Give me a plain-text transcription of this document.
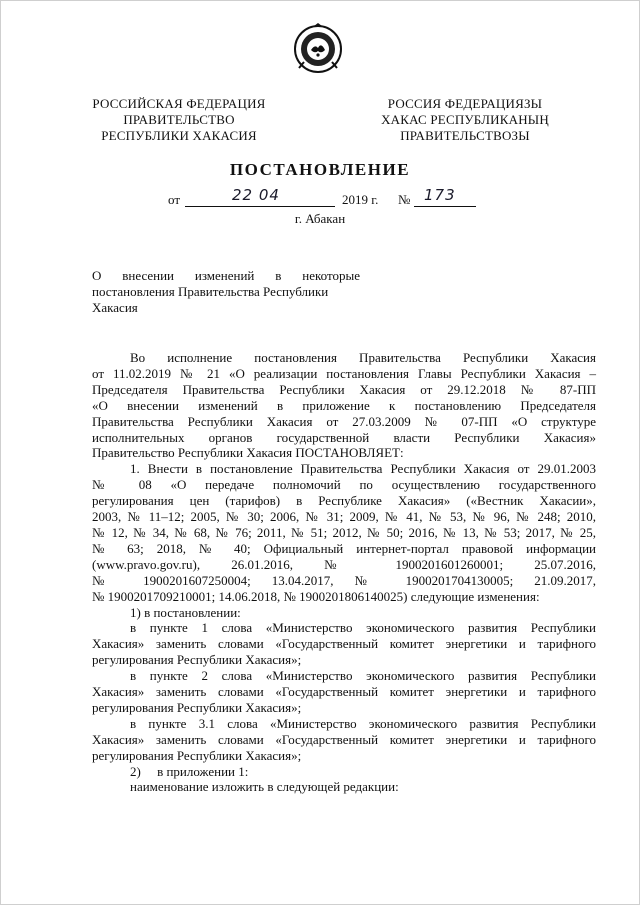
РОССИЙСКАЯ ФЕДЕРАЦИЯ
ПРАВИТЕЛЬСТВО
РЕСПУБЛИКИ ХАКАСИЯ
РОССИЯ ФЕДЕРАЦИЯЗЫ
ХАКАС РЕСПУБЛИКАНЫҢ
ПРАВИТЕЛЬСТВОЗЫ
ПОСТАНОВЛЕНИЕ
от	22 04	2019 г. № 173
г. Абакан
О внесении изменений в некоторые
постановления Правительства Республики
Хакасия
Во исполнение постановления Правительства Республики Хакасия
от 11.02.2019 № 21 «О реализации постановления Главы Республики Хакасия –
Председателя Правительства Республики Хакасия от 29.12.2018 № 87-ПП
«О внесении изменений в приложение к постановлению Председателя
Правительства Республики Хакасия от 27.03.2009 № 07-ПП «О структуре
исполнительных органов государственной власти Республики Хакасия»
Правительство Республики Хакасия ПОСТАНОВЛЯЕТ:
1. Внести в постановление Правительства Республики Хакасия от 29.01.2003
№ 08 «О передаче полномочий по осуществлению государственного
регулирования цен (тарифов) в Республике Хакасия» («Вестник Хакасии»,
2003, № 11–12; 2005, № 30; 2006, № 31; 2009, № 41, № 53, № 96, № 248; 2010,
№ 12, № 34, № 68, № 76; 2011, № 51; 2012, № 50; 2016, № 13, № 53; 2017, № 25,
№ 63; 2018, № 40; Официальный интернет-портал правовой информации
(www.pravo.gov.ru), 26.01.2016, № 1900201601260001; 25.07.2016,
№ 1900201607250004; 13.04.2017, № 1900201704130005; 21.09.2017,
№ 1900201709210001; 14.06.2018, № 1900201806140025) следующие изменения:
1) в постановлении:
в пункте 1 слова «Министерство экономического развития Республики
Хакасия» заменить словами «Государственный комитет энергетики и тарифного
регулирования Республики Хакасия»;
в пункте 2 слова «Министерство экономического развития Республики
Хакасия» заменить словами «Государственный комитет энергетики и тарифного
регулирования Республики Хакасия»;
в пункте 3.1 слова «Министерство экономического развития Республики
Хакасия» заменить словами «Государственный комитет энергетики и тарифного
регулирования Республики Хакасия»;
2)     в приложении 1:
наименование изложить в следующей редакции:
